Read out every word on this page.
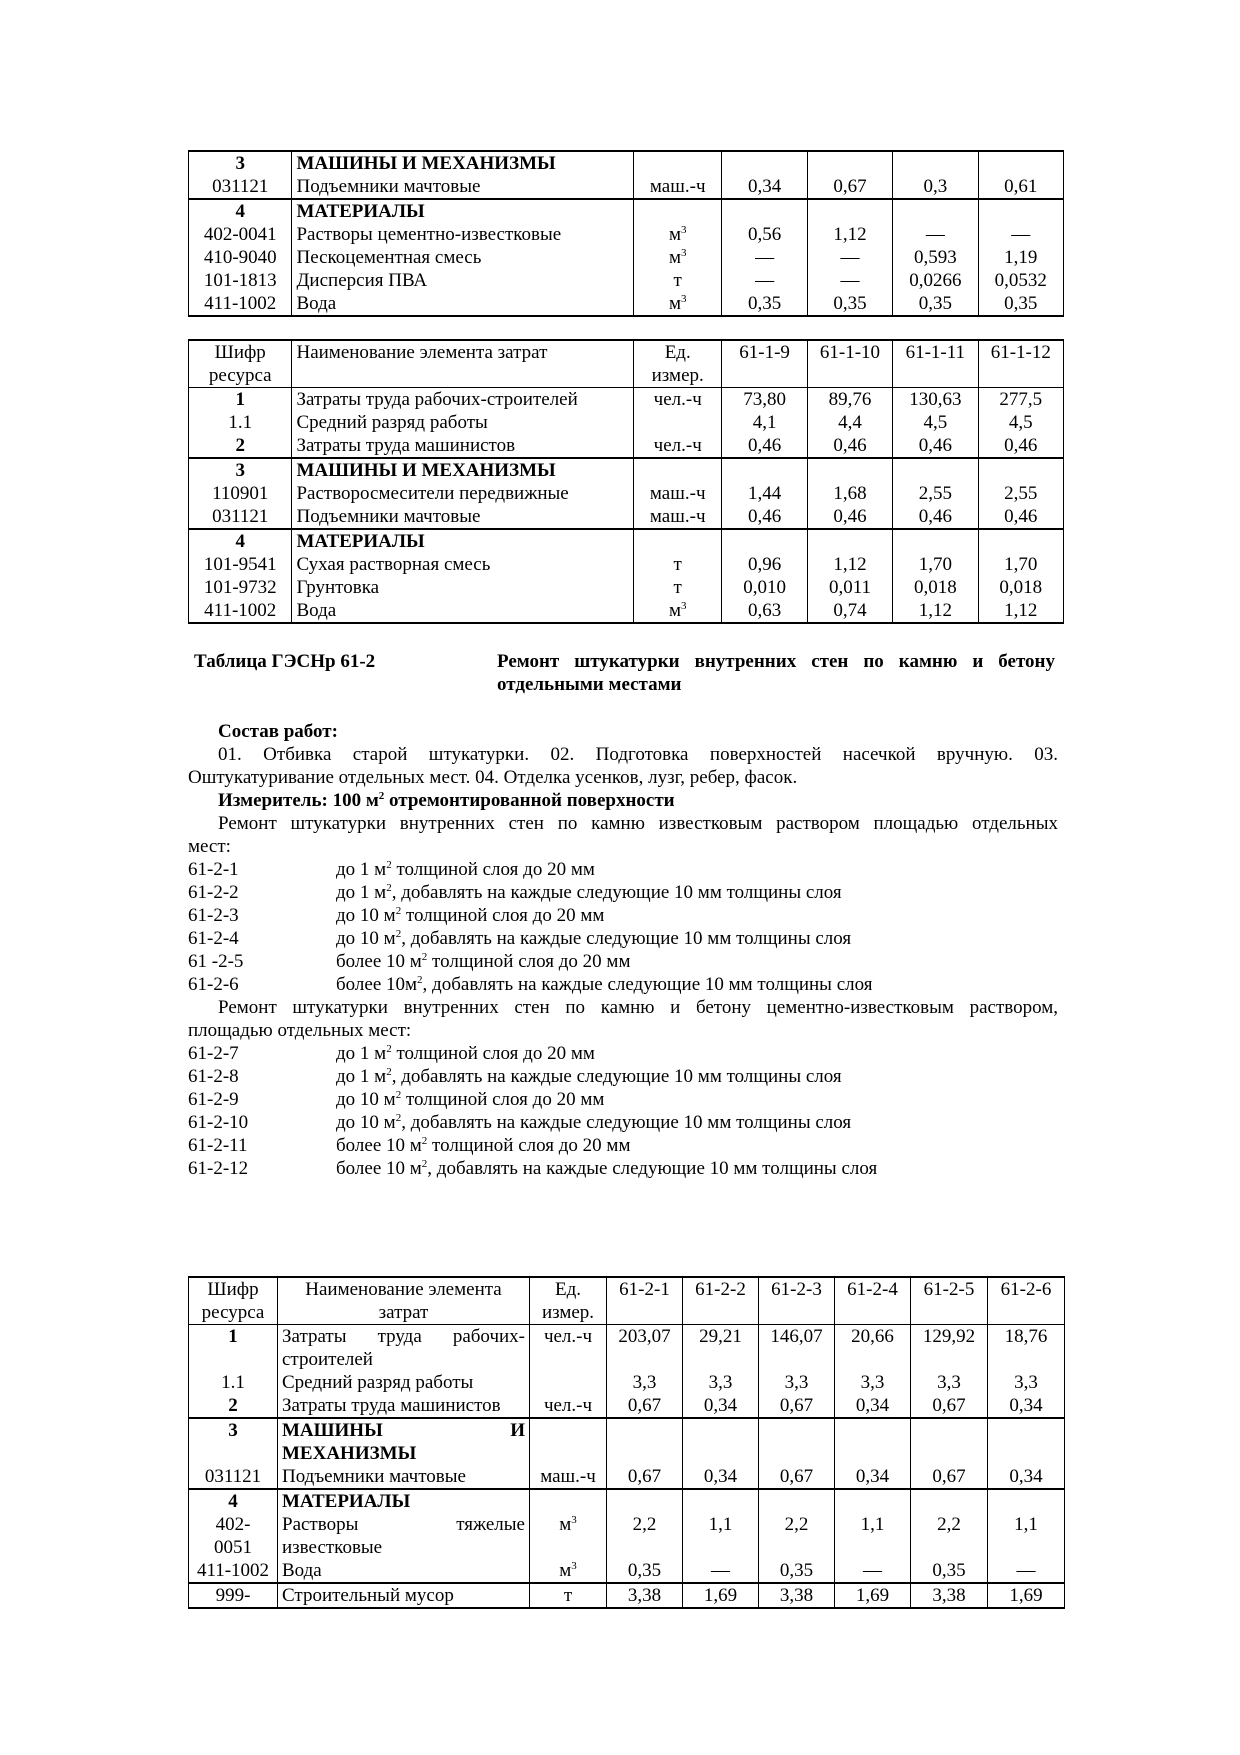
3	МАШИНЫ И МЕХАНИЗМЫ					
031121	Подъемники мачтовые	маш.-ч	0,34	0,67	0,3	0,61
4	МАТЕРИАЛЫ					
402-0041	Растворы цементно-известковые	$м^3$	0,56	1,12	—	—
410-9040	Пескоцементная смесь	$м^3$	—	—	0,593	1,19
101-1813	Дисперсия ПВА	т	—	—	0,0266	0,0532
411-1002	Вода	$м^3$	0,35	0,35	0,35	0,35
Шифр	Наименование элемента затрат	Ед.	61-1-9	61-1-10	61-1-11	61-1-12
ресурса		измер.				
1	Затраты труда рабочих-строителей	чел.-ч	73,80	89,76	130,63	277,5
1.1	Средний разряд работы		4,1	4,4	4,5	4,5
2	Затраты труда машинистов	чел.-ч	0,46	0,46	0,46	0,46
3	МАШИНЫ И МЕХАНИЗМЫ					
110901	Растворосмесители передвижные	маш.-ч	1,44	1,68	2,55	2,55
031121	Подъемники мачтовые	маш.-ч	0,46	0,46	0,46	0,46
4	МАТЕРИАЛЫ					
101-9541	Сухая растворная смесь	т	0,96	1,12	1,70	1,70
101-9732	Грунтовка	т	0,010	0,011	0,018	0,018
411-1002	Вода	$м^3$	0,63	0,74	1,12	1,12
Таблица ГЭСНр 61-2	Ремонт штукатурки внутренних стен по камню и бетону
отдельными местами
Состав работ:
01. Отбивка старой штукатурки. 02. Подготовка поверхностей насечкой вручную. 03.
Оштукатуривание отдельных мест. 04. Отделка усенков, лузг, ребер, фасок.
Измеритель: 100 $м^2$ отремонтированной поверхности
Ремонт штукатурки внутренних стен по камню известковым раствором площадью отдельных
мест:
61-2-1	до 1 $м^2$ толщиной слоя до 20 мм
61-2-2	до 1 $м^2$, добавлять на каждые следующие 10 мм толщины слоя
61-2-3	до 10 $м^2$ толщиной слоя до 20 мм
61-2-4	до 10 $м^2$, добавлять на каждые следующие 10 мм толщины слоя
61 -2-5	более 10 $м^2$ толщиной слоя до 20 мм
61-2-6	более $10м^2$, добавлять на каждые следующие 10 мм толщины слоя
Ремонт штукатурки внутренних стен по камню и бетону цементно-известковым раствором,
площадью отдельных мест:
61-2-7	до 1 $м^2$ толщиной слоя до 20 мм
61-2-8	до 1 $м^2$, добавлять на каждые следующие 10 мм толщины слоя
61-2-9	до 10 $м^2$ толщиной слоя до 20 мм
61-2-10	до 10 $м^2$, добавлять на каждые следующие 10 мм толщины слоя
61-2-11	более 10 $м^2$ толщиной слоя до 20 мм
61-2-12	более 10 $м^2$, добавлять на каждые следующие 10 мм толщины слоя
Шифр	Наименование элемента	Ед.	61-2-1	61-2-2	61-2-3	61-2-4	61-2-5	61-2-6
ресурса	затрат	измер.						
1	Затраты труда рабочих-	чел.-ч	203,07	29,21	146,07	20,66	129,92	18,76
	строителей							
1.1	Средний разряд работы		3,3	3,3	3,3	3,3	3,3	3,3
2	Затраты труда машинистов	чел.-ч	0,67	0,34	0,67	0,34	0,67	0,34
3	МАШИНЫ И							
	МЕХАНИЗМЫ							
031121	Подъемники мачтовые	маш.-ч	0,67	0,34	0,67	0,34	0,67	0,34
4	МАТЕРИАЛЫ							
402-	Растворы тяжелые	$м^3$	2,2	1,1	2,2	1,1	2,2	1,1
0051	известковые							
411-1002	Вода	$м^3$	0,35	—	0,35	—	0,35	—
999-	Строительный мусор	т	3,38	1,69	3,38	1,69	3,38	1,69
